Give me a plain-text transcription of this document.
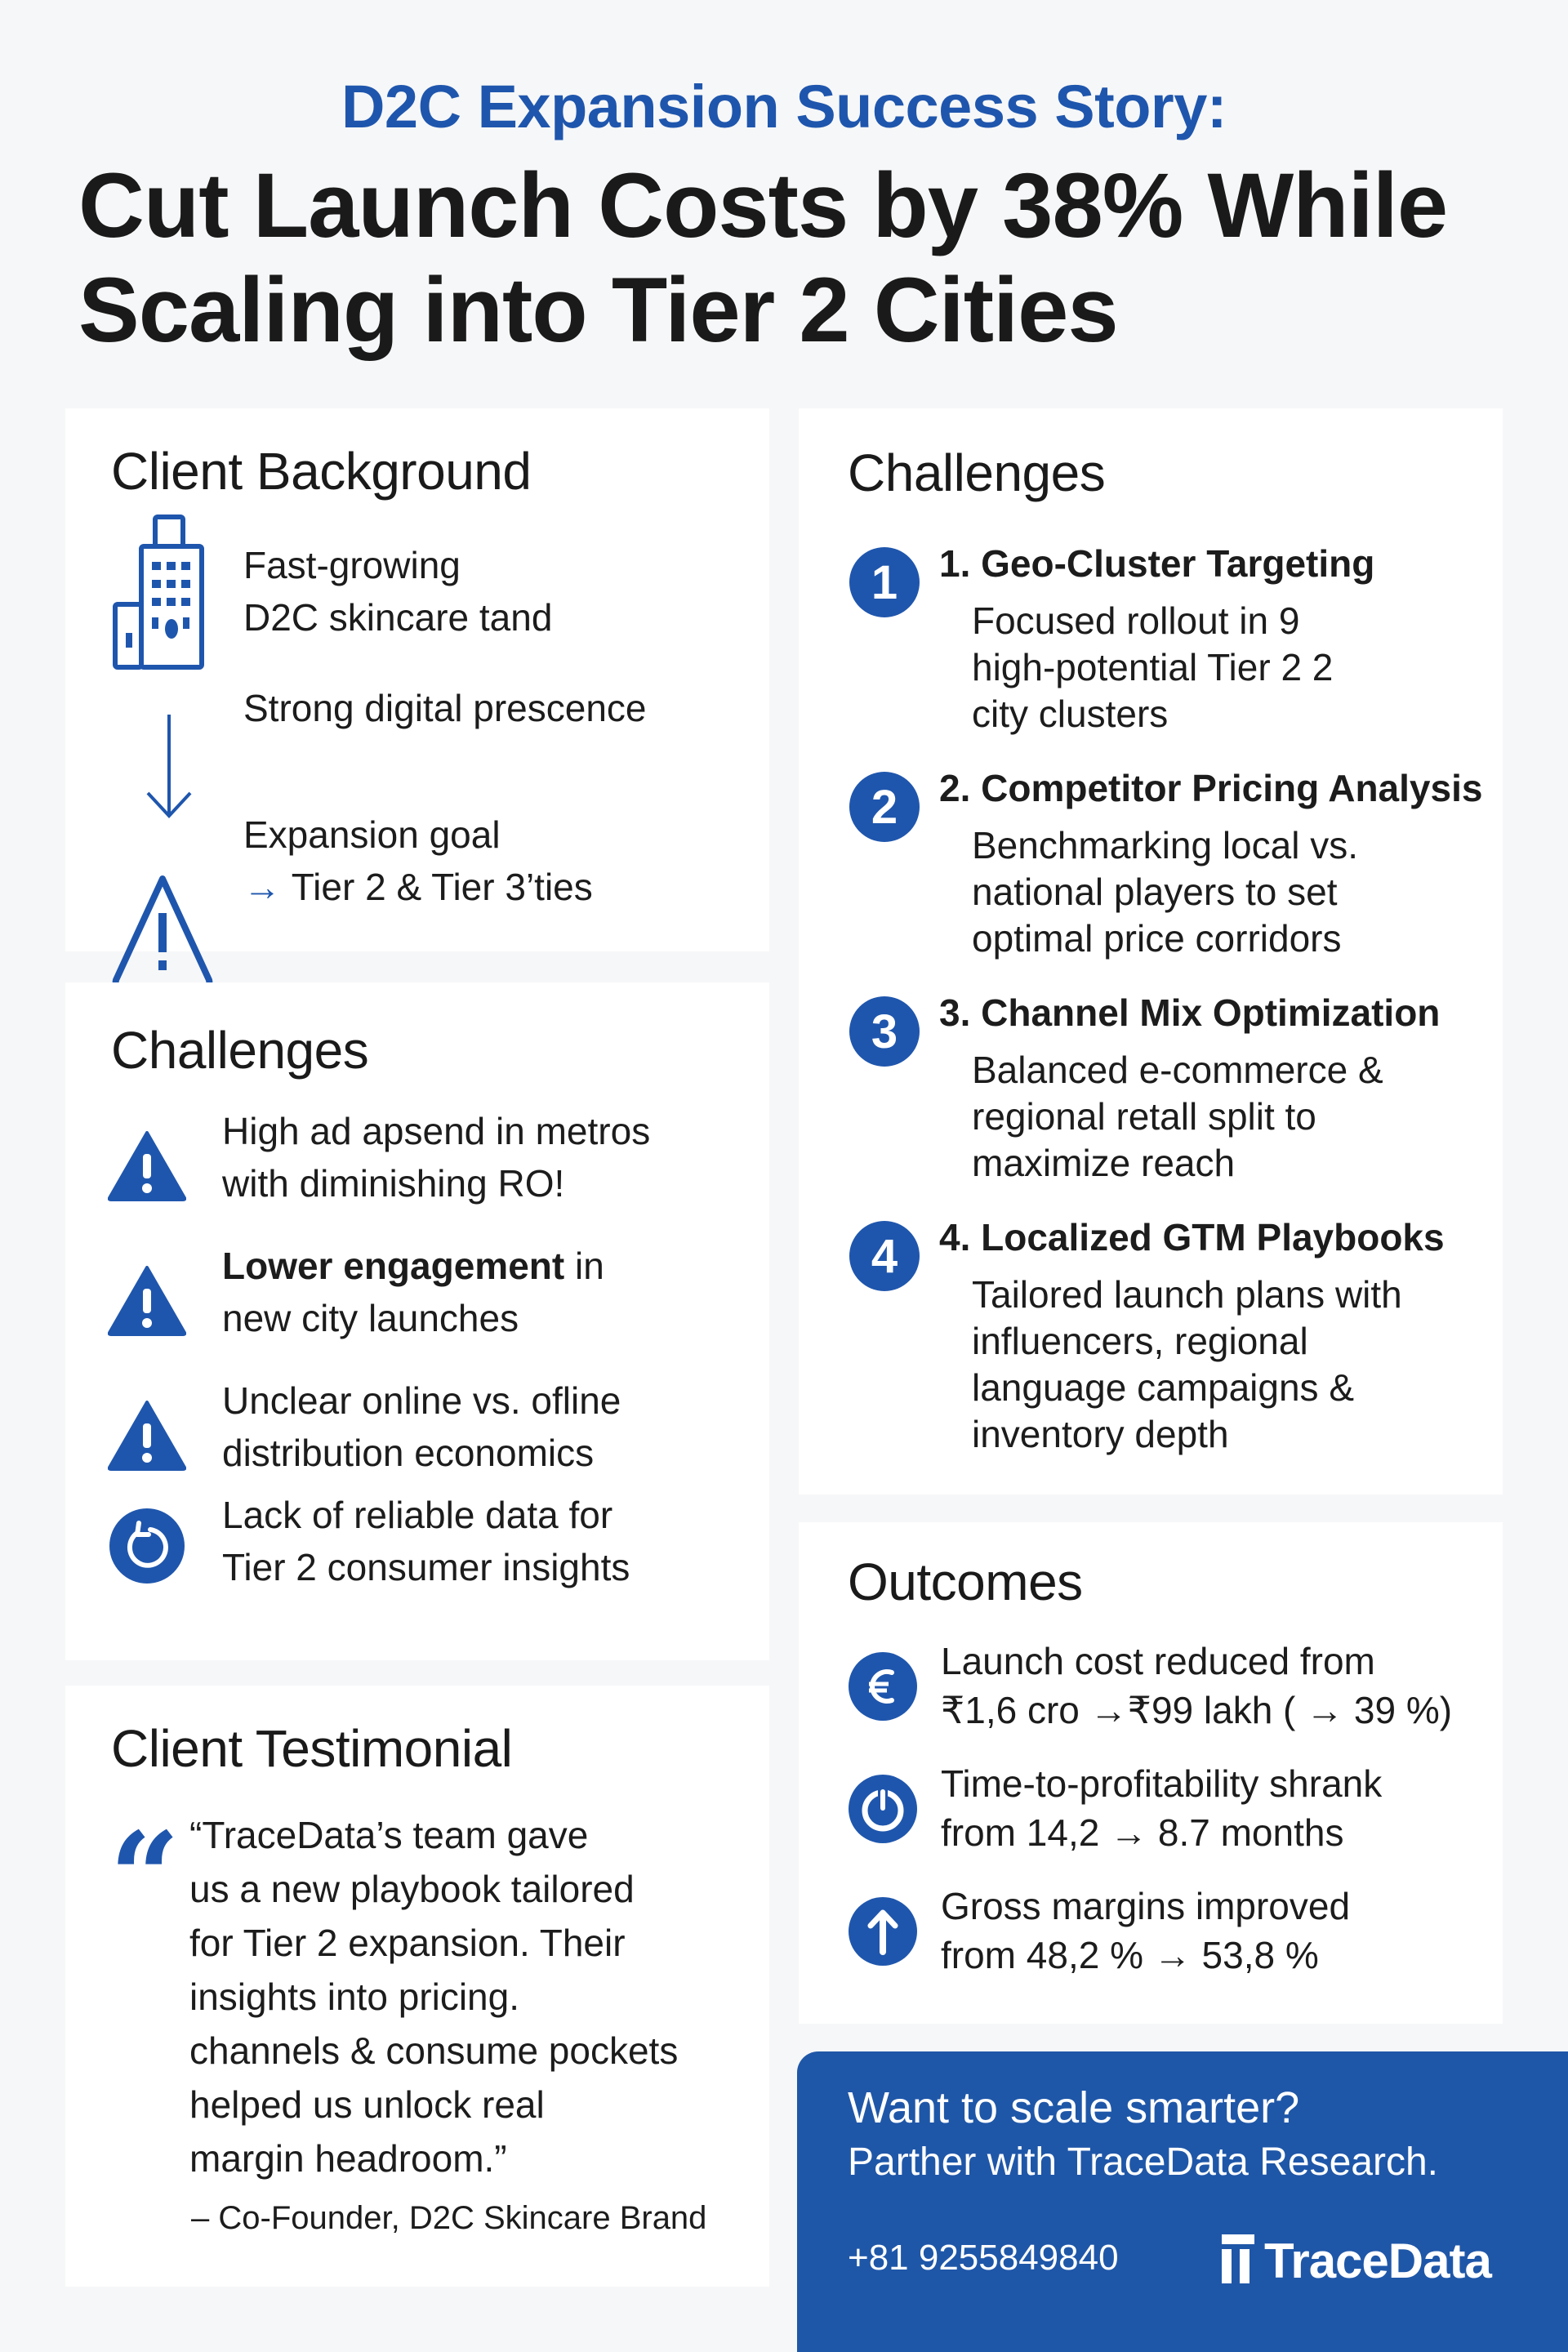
D2C Expansion Success Story:
Cut Launch Costs by 38% While
Scaling into Tier 2 Cities
Client Background
Fast-growing
D2C skincare tand
Strong digital prescence
Expansion goal
→ Tier 2 & Tier 3’ties
Challenges
High ad apsend in metros
with diminishing RO!
Lower engagement in
new city launches
Unclear online vs. ofline
distribution economics
Lack of reliable data for
Tier 2 consumer insights
Client Testimonial
“ “TraceData’s team gave
us a new playbook tailored
for Tier 2 expansion. Their
insights into pricing.
channels & consume pockets
helped us unlock real
margin headroom.”
– Co-Founder, D2C Skincare Brand
Challenges
1	1. Geo-Cluster Targeting
Focused rollout in 9
high-potential Tier 2 2
city clusters
2	2. Competitor Pricing Analysis
Benchmarking local vs.
national players to set
optimal price corridors
3	3. Channel Mix Optimization
Balanced e-commerce &
regional retall split to
maximize reach
4	4. Localized GTM Playbooks
Tailored launch plans with
influencers, regional
language campaigns &
inventory depth
Outcomes
Launch cost reduced from
₹1,6 cro →₹99 lakh ( → 39 %)
Time-to-profitability shrank
from 14,2 → 8.7 months
Gross margins improved
from 48,2 % → 53,8 %
Want to scale smarter?
Parther with TraceData Research.
+81 9255849840	TraceData
